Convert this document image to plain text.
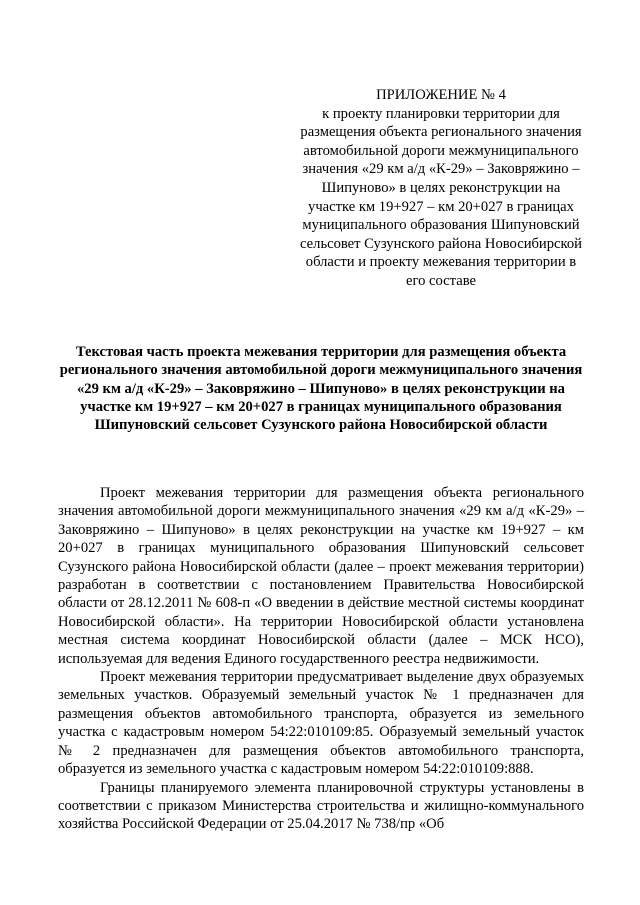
ПРИЛОЖЕНИЕ № 4
к проекту планировки территории для размещения объекта регионального значения автомобильной дороги межмуниципального значения «29 км а/д «К-29» – Заковряжино – Шипуново» в целях реконструкции на участке км 19+927 – км 20+027 в границах муниципального образования Шипуновский сельсовет Сузунского района Новосибирской области и проекту межевания территории в его составе
Текстовая часть проекта межевания территории для размещения объекта регионального значения автомобильной дороги межмуниципального значения «29 км а/д «К-29» – Заковряжино – Шипуново» в целях реконструкции на участке км 19+927 – км 20+027 в границах муниципального образования Шипуновский сельсовет Сузунского района Новосибирской области

Проект межевания территории для размещения объекта регионального значения автомобильной дороги межмуниципального значения «29 км а/д «К-29» – Заковряжино – Шипуново» в целях реконструкции на участке км 19+927 – км 20+027 в границах муниципального образования Шипуновский сельсовет Сузунского района Новосибирской области (далее – проект межевания территории) разработан в соответствии с постановлением Правительства Новосибирской области от 28.12.2011 № 608-п «О введении в действие местной системы координат Новосибирской области». На территории Новосибирской области установлена местная система координат Новосибирской области (далее – МСК НСО), используемая для ведения Единого государственного реестра недвижимости.

Проект межевания территории предусматривает выделение двух образуемых земельных участков. Образуемый земельный участок № 1 предназначен для размещения объектов автомобильного транспорта, образуется из земельного участка с кадастровым номером 54:22:010109:85. Образуемый земельный участок № 2 предназначен для размещения объектов автомобильного транспорта, образуется из земельного участка с кадастровым номером 54:22:010109:888.

Границы планируемого элемента планировочной структуры установлены в соответствии с приказом Министерства строительства и жилищно-коммунального хозяйства Российской Федерации от 25.04.2017 № 738/пр «Об
